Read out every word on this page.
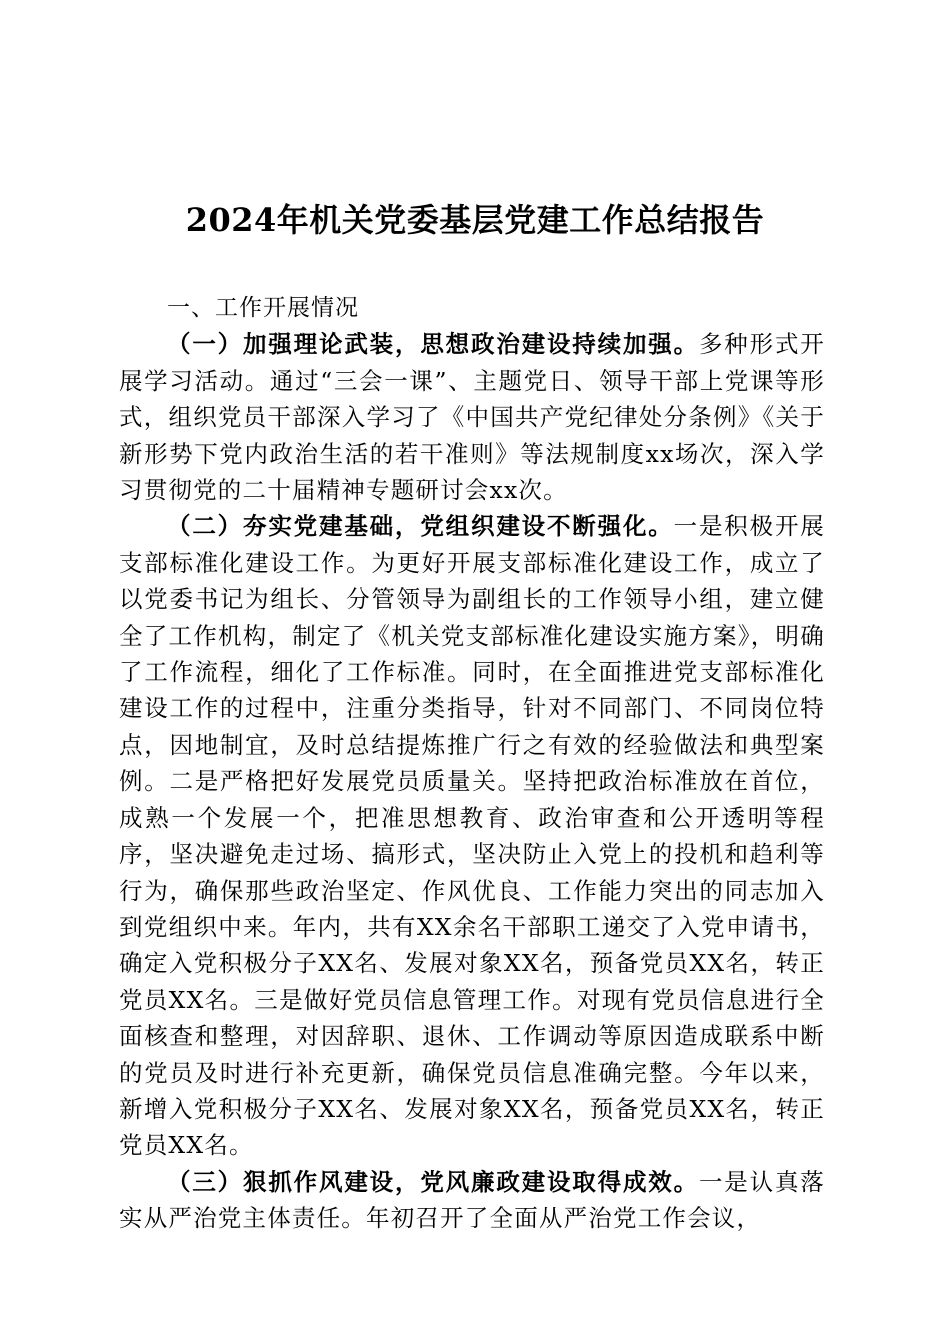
2024年机关党委基层党建工作总结报告
一、工作开展情况

（一）加强理论武装，思想政治建设持续加强。多种形式开展学习活动。通过“三会一课”、主题党日、领导干部上党课等形式，组织党员干部深入学习了《中国共产党纪律处分条例》《关于新形势下党内政治生活的若干准则》等法规制度xx场次，深入学习贯彻党的二十届精神专题研讨会xx次。

（二）夯实党建基础，党组织建设不断强化。一是积极开展支部标准化建设工作。为更好开展支部标准化建设工作，成立了以党委书记为组长、分管领导为副组长的工作领导小组，建立健全了工作机构，制定了《机关党支部标准化建设实施方案》，明确了工作流程，细化了工作标准。同时，在全面推进党支部标准化建设工作的过程中，注重分类指导，针对不同部门、不同岗位特点，因地制宜，及时总结提炼推广行之有效的经验做法和典型案例。二是严格把好发展党员质量关。坚持把政治标准放在首位，成熟一个发展一个，把准思想教育、政治审查和公开透明等程序，坚决避免走过场、搞形式，坚决防止入党上的投机和趋利等行为，确保那些政治坚定、作风优良、工作能力突出的同志加入到党组织中来。年内，共有XX余名干部职工递交了入党申请书，确定入党积极分子XX名、发展对象XX名，预备党员XX名，转正党员XX名。三是做好党员信息管理工作。对现有党员信息进行全面核查和整理，对因辞职、退休、工作调动等原因造成联系中断的党员及时进行补充更新，确保党员信息准确完整。今年以来，新增入党积极分子XX名、发展对象XX名，预备党员XX名，转正党员XX名。

（三）狠抓作风建设，党风廉政建设取得成效。一是认真落实从严治党主体责任。年初召开了全面从严治党工作会议，
